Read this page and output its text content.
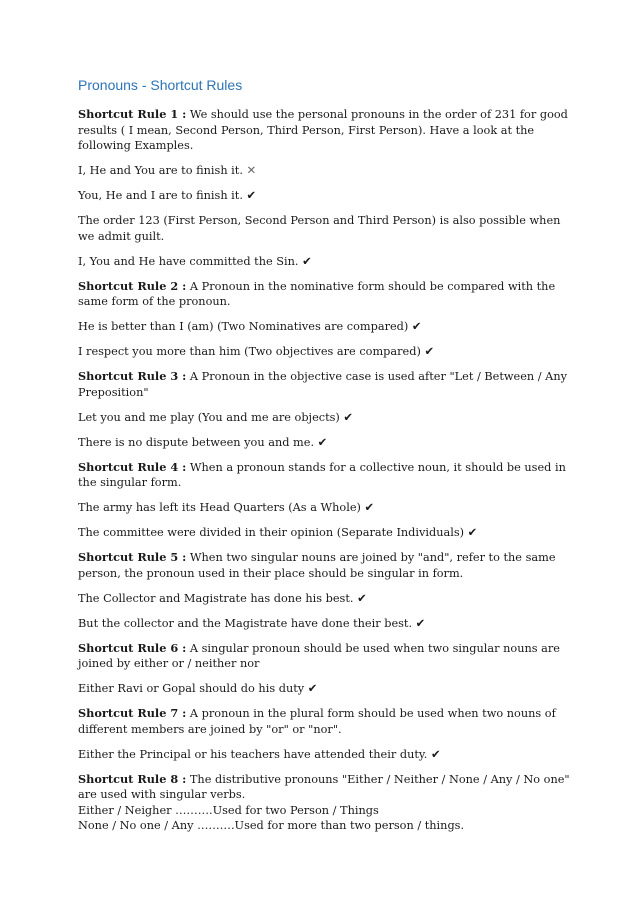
Pronouns - Shortcut Rules

Shortcut Rule 1 : We should use the personal pronouns in the order of 231 for good results ( I mean, Second Person, Third Person, First Person). Have a look at the following Examples.

I, He and You are to finish it. ✕

You, He and I are to finish it. ✔

The order 123 (First Person, Second Person and Third Person) is also possible when we admit guilt.

I, You and He have committed the Sin. ✔

Shortcut Rule 2 : A Pronoun in the nominative form should be compared with the same form of the pronoun.

He is better than I (am) (Two Nominatives are compared) ✔

I respect you more than him (Two objectives are compared) ✔

Shortcut Rule 3 : A Pronoun in the objective case is used after "Let / Between / Any Preposition"

Let you and me play (You and me are objects) ✔

There is no dispute between you and me. ✔

Shortcut Rule 4 : When a pronoun stands for a collective noun, it should be used in the singular form.

The army has left its Head Quarters (As a Whole) ✔

The committee were divided in their opinion (Separate Individuals) ✔

Shortcut Rule 5 : When two singular nouns are joined by "and", refer to the same person, the pronoun used in their place should be singular in form.

The Collector and Magistrate has done his best. ✔

But the collector and the Magistrate have done their best. ✔

Shortcut Rule 6 : A singular pronoun should be used when two singular nouns are joined by either or / neither nor

Either Ravi or Gopal should do his duty ✔

Shortcut Rule 7 : A pronoun in the plural form should be used when two nouns of different members are joined by "or" or "nor".

Either the Principal or his teachers have attended their duty. ✔

Shortcut Rule 8 : The distributive pronouns "Either / Neither / None / Any / No one" are used with singular verbs.

Either / Neigher ……….Used for two Person / Things

None / No one / Any ……….Used for more than two person / things.
